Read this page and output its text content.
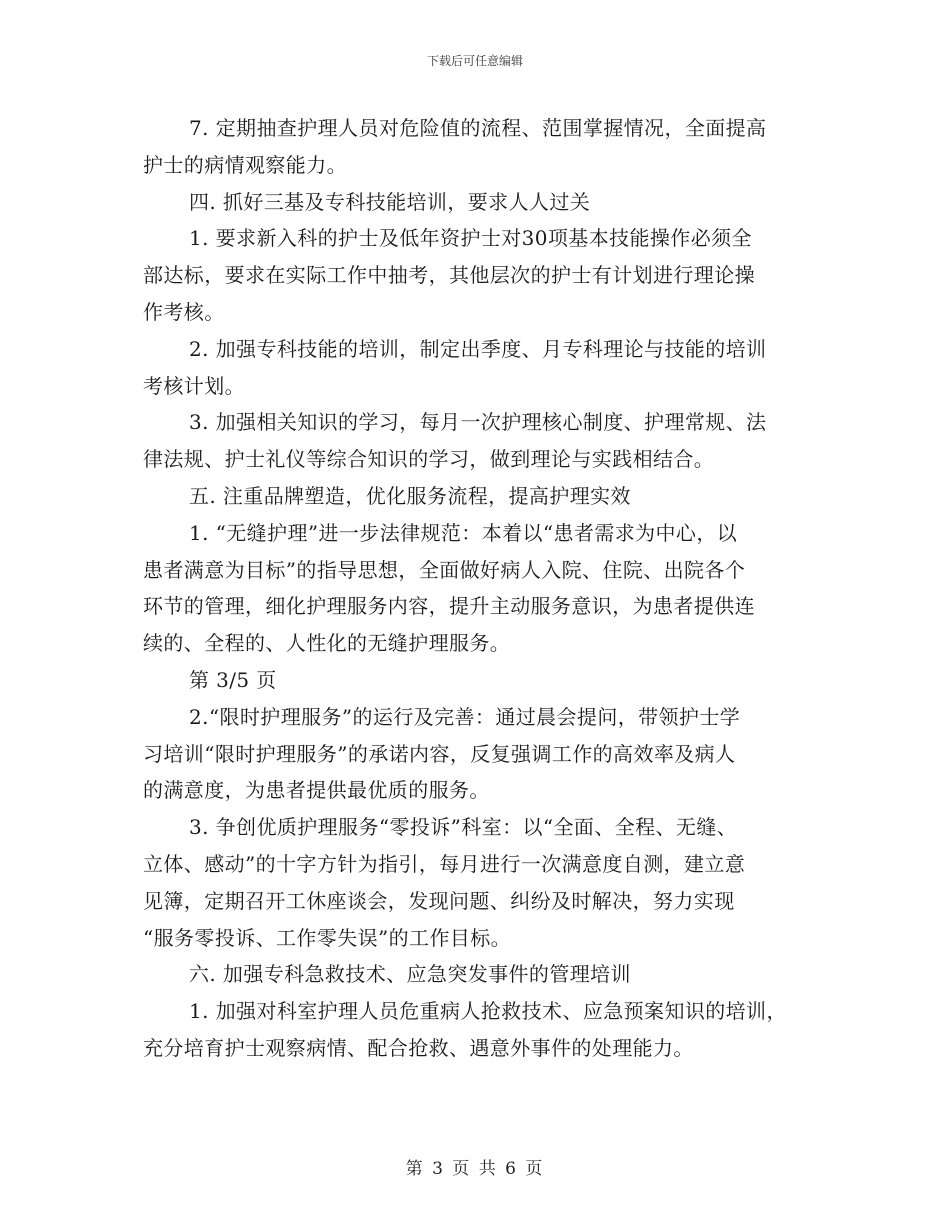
下载后可任意编辑

7. 定期抽查护理人员对危险值的流程、范围掌握情况，全面提高
护士的病情观察能力。

四. 抓好三基及专科技能培训，要求人人过关

1. 要求新入科的护士及低年资护士对30项基本技能操作必须全
部达标，要求在实际工作中抽考，其他层次的护士有计划进行理论操
作考核。

2. 加强专科技能的培训，制定出季度、月专科理论与技能的培训
考核计划。

3. 加强相关知识的学习，每月一次护理核心制度、护理常规、法
律法规、护士礼仪等综合知识的学习，做到理论与实践相结合。

五. 注重品牌塑造，优化服务流程，提高护理实效

1. “无缝护理”进一步法律规范：本着以“患者需求为中心，以
患者满意为目标”的指导思想，全面做好病人入院、住院、出院各个
环节的管理，细化护理服务内容，提升主动服务意识，为患者提供连
续的、全程的、人性化的无缝护理服务。

第 3/5 页

2.“限时护理服务”的运行及完善：通过晨会提问，带领护士学
习培训“限时护理服务”的承诺内容，反复强调工作的高效率及病人
的满意度，为患者提供最优质的服务。

3. 争创优质护理服务“零投诉”科室：以“全面、全程、无缝、
立体、感动”的十字方针为指引，每月进行一次满意度自测，建立意
见簿，定期召开工休座谈会，发现问题、纠纷及时解决，努力实现
“服务零投诉、工作零失误”的工作目标。

六. 加强专科急救技术、应急突发事件的管理培训

1. 加强对科室护理人员危重病人抢救技术、应急预案知识的培训，
充分培育护士观察病情、配合抢救、遇意外事件的处理能力。

第 3 页 共 6 页
